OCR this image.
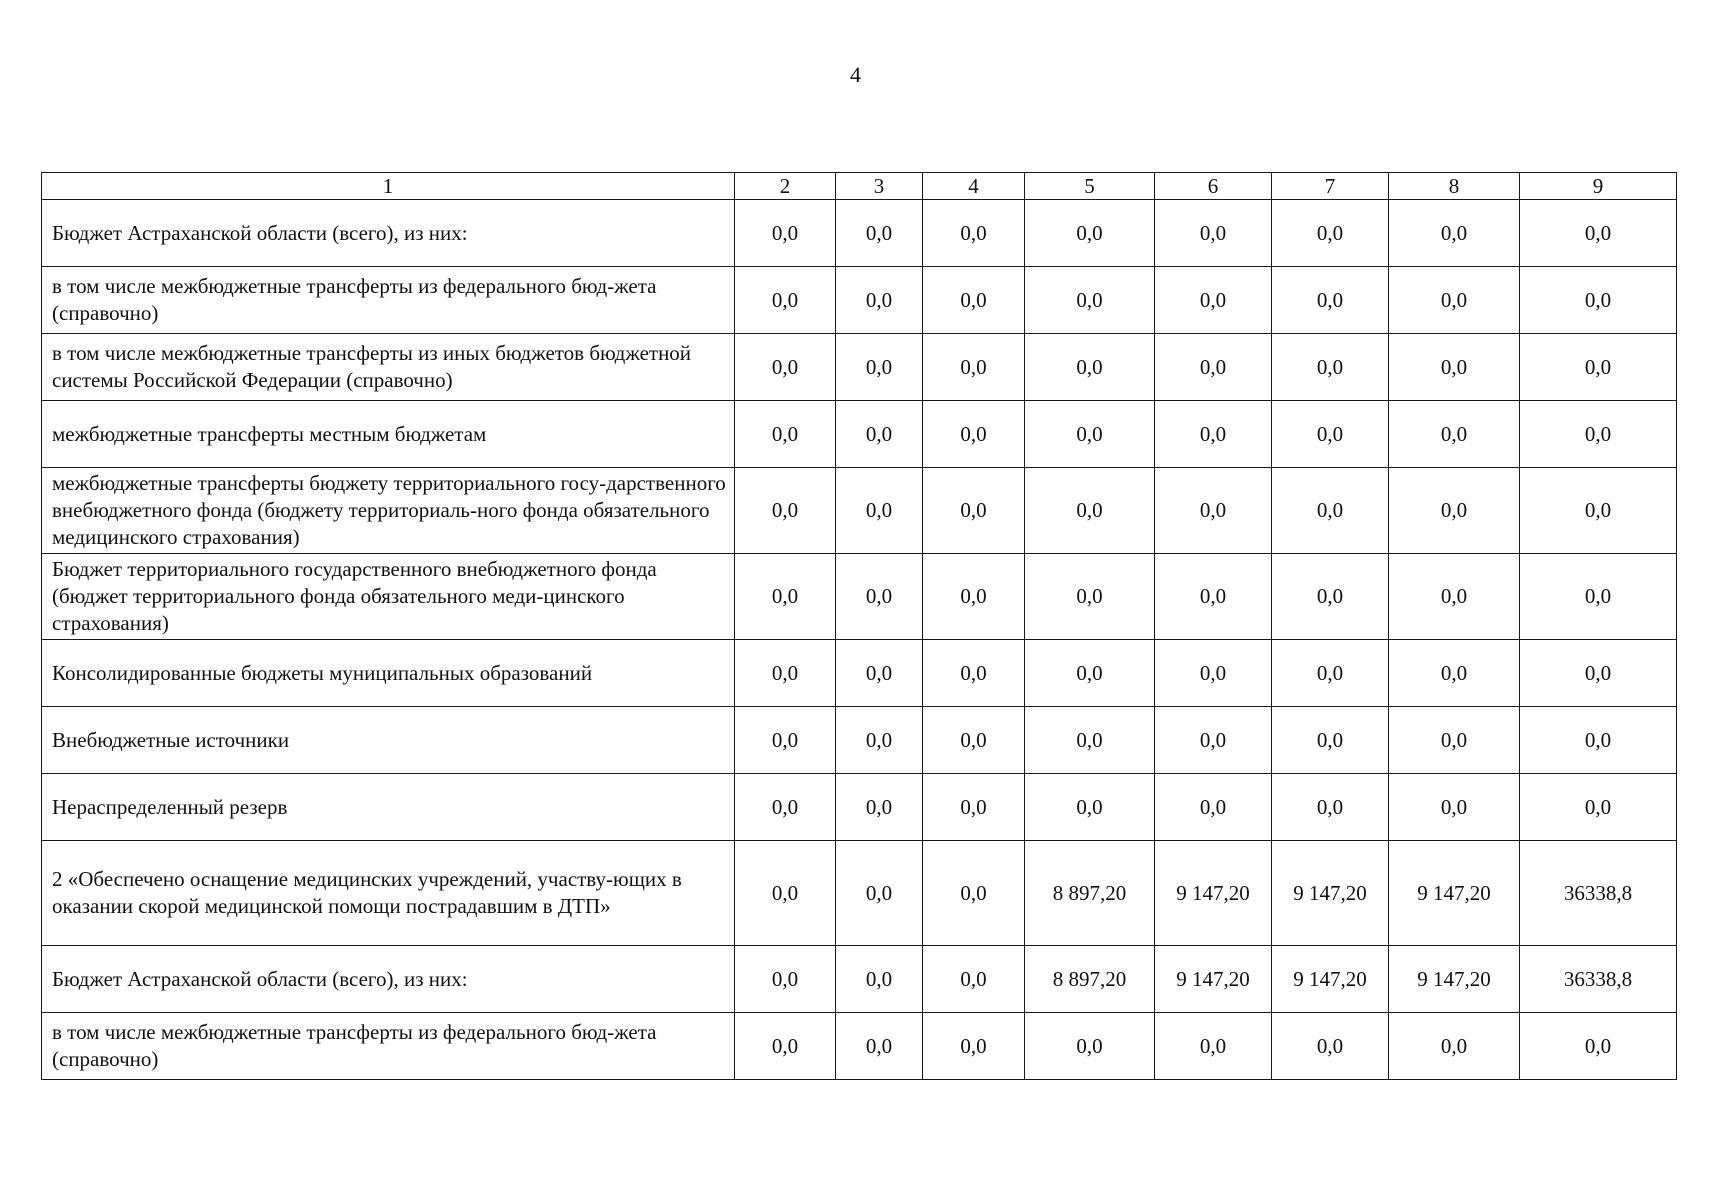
4
1	2	3	4	5	6	7	8	9
Бюджет Астраханской области (всего), из них:	0,0	0,0	0,0	0,0	0,0	0,0	0,0	0,0
в том числе межбюджетные трансферты из федерального бюд-жета (справочно)	0,0	0,0	0,0	0,0	0,0	0,0	0,0	0,0
в том числе межбюджетные трансферты из иных бюджетов бюджетной системы Российской Федерации (справочно)	0,0	0,0	0,0	0,0	0,0	0,0	0,0	0,0
межбюджетные трансферты местным бюджетам	0,0	0,0	0,0	0,0	0,0	0,0	0,0	0,0
межбюджетные трансферты бюджету территориального госу-дарственного внебюджетного фонда (бюджету территориаль-ного фонда обязательного медицинского страхования)	0,0	0,0	0,0	0,0	0,0	0,0	0,0	0,0
Бюджет территориального государственного внебюджетного фонда (бюджет территориального фонда обязательного меди-цинского страхования)	0,0	0,0	0,0	0,0	0,0	0,0	0,0	0,0
Консолидированные бюджеты муниципальных образований	0,0	0,0	0,0	0,0	0,0	0,0	0,0	0,0
Внебюджетные источники	0,0	0,0	0,0	0,0	0,0	0,0	0,0	0,0
Нераспределенный резерв	0,0	0,0	0,0	0,0	0,0	0,0	0,0	0,0
2 «Обеспечено оснащение медицинских учреждений, участву-ющих в оказании скорой медицинской помощи пострадавшим в ДТП»	0,0	0,0	0,0	8 897,20	9 147,20	9 147,20	9 147,20	36338,8
Бюджет Астраханской области (всего), из них:	0,0	0,0	0,0	8 897,20	9 147,20	9 147,20	9 147,20	36338,8
в том числе межбюджетные трансферты из федерального бюд-жета (справочно)	0,0	0,0	0,0	0,0	0,0	0,0	0,0	0,0
